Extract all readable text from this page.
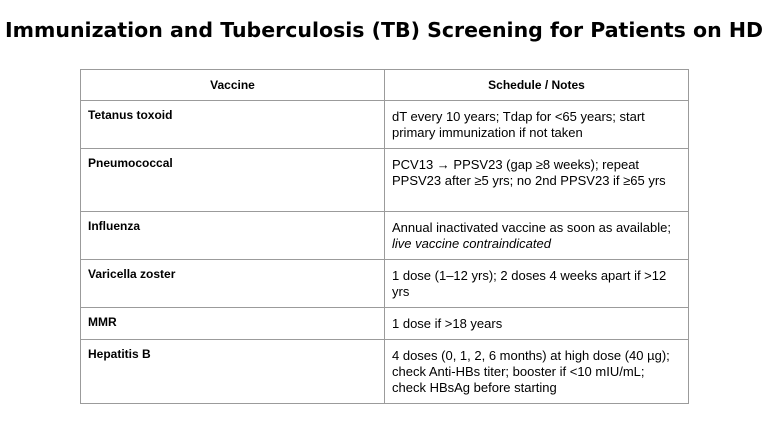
Immunization and Tuberculosis (TB) Screening for Patients on HD
Vaccine	Schedule / Notes
Tetanus toxoid	dT every 10 years; Tdap for <65 years; start primary immunization if not taken
Pneumococcal	PCV13 → PPSV23 (gap ≥8 weeks); repeat PPSV23 after ≥5 yrs; no 2nd PPSV23 if ≥65 yrs
Influenza	Annual inactivated vaccine as soon as available; live vaccine contraindicated
Varicella zoster	1 dose (1–12 yrs); 2 doses 4 weeks apart if >12 yrs
MMR	1 dose if >18 years
Hepatitis B	4 doses (0, 1, 2, 6 months) at high dose (40 µg); check Anti-HBs titer; booster if <10 mIU/mL; check HBsAg before starting
